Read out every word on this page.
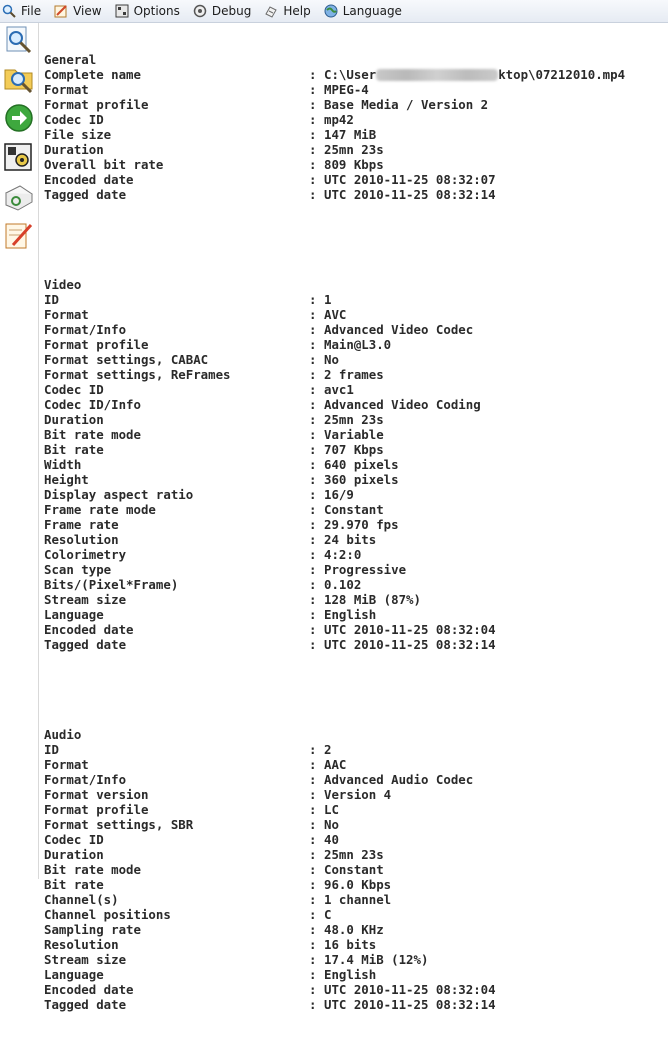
File	View	Options	Debug	Help	Language

General
Complete name	: C:\User	ktop\07212010.mp4
Format	: MPEG-4
Format profile	: Base Media / Version 2
Codec ID	: mp42
File size	: 147 MiB
Duration	: 25mn 23s
Overall bit rate	: 809 Kbps
Encoded date	: UTC 2010-11-25 08:32:07
Tagged date	: UTC 2010-11-25 08:32:14

Video
ID	: 1
Format	: AVC
Format/Info	: Advanced Video Codec
Format profile	: Main@L3.0
Format settings, CABAC	: No
Format settings, ReFrames	: 2 frames
Codec ID	: avc1
Codec ID/Info	: Advanced Video Coding
Duration	: 25mn 23s
Bit rate mode	: Variable
Bit rate	: 707 Kbps
Width	: 640 pixels
Height	: 360 pixels
Display aspect ratio	: 16/9
Frame rate mode	: Constant
Frame rate	: 29.970 fps
Resolution	: 24 bits
Colorimetry	: 4:2:0
Scan type	: Progressive
Bits/(Pixel*Frame)	: 0.102
Stream size	: 128 MiB (87%)
Language	: English
Encoded date	: UTC 2010-11-25 08:32:04
Tagged date	: UTC 2010-11-25 08:32:14

Audio
ID	: 2
Format	: AAC
Format/Info	: Advanced Audio Codec
Format version	: Version 4
Format profile	: LC
Format settings, SBR	: No
Codec ID	: 40
Duration	: 25mn 23s
Bit rate mode	: Constant
Bit rate	: 96.0 Kbps
Channel(s)	: 1 channel
Channel positions	: C
Sampling rate	: 48.0 KHz
Resolution	: 16 bits
Stream size	: 17.4 MiB (12%)
Language	: English
Encoded date	: UTC 2010-11-25 08:32:04
Tagged date	: UTC 2010-11-25 08:32:14
